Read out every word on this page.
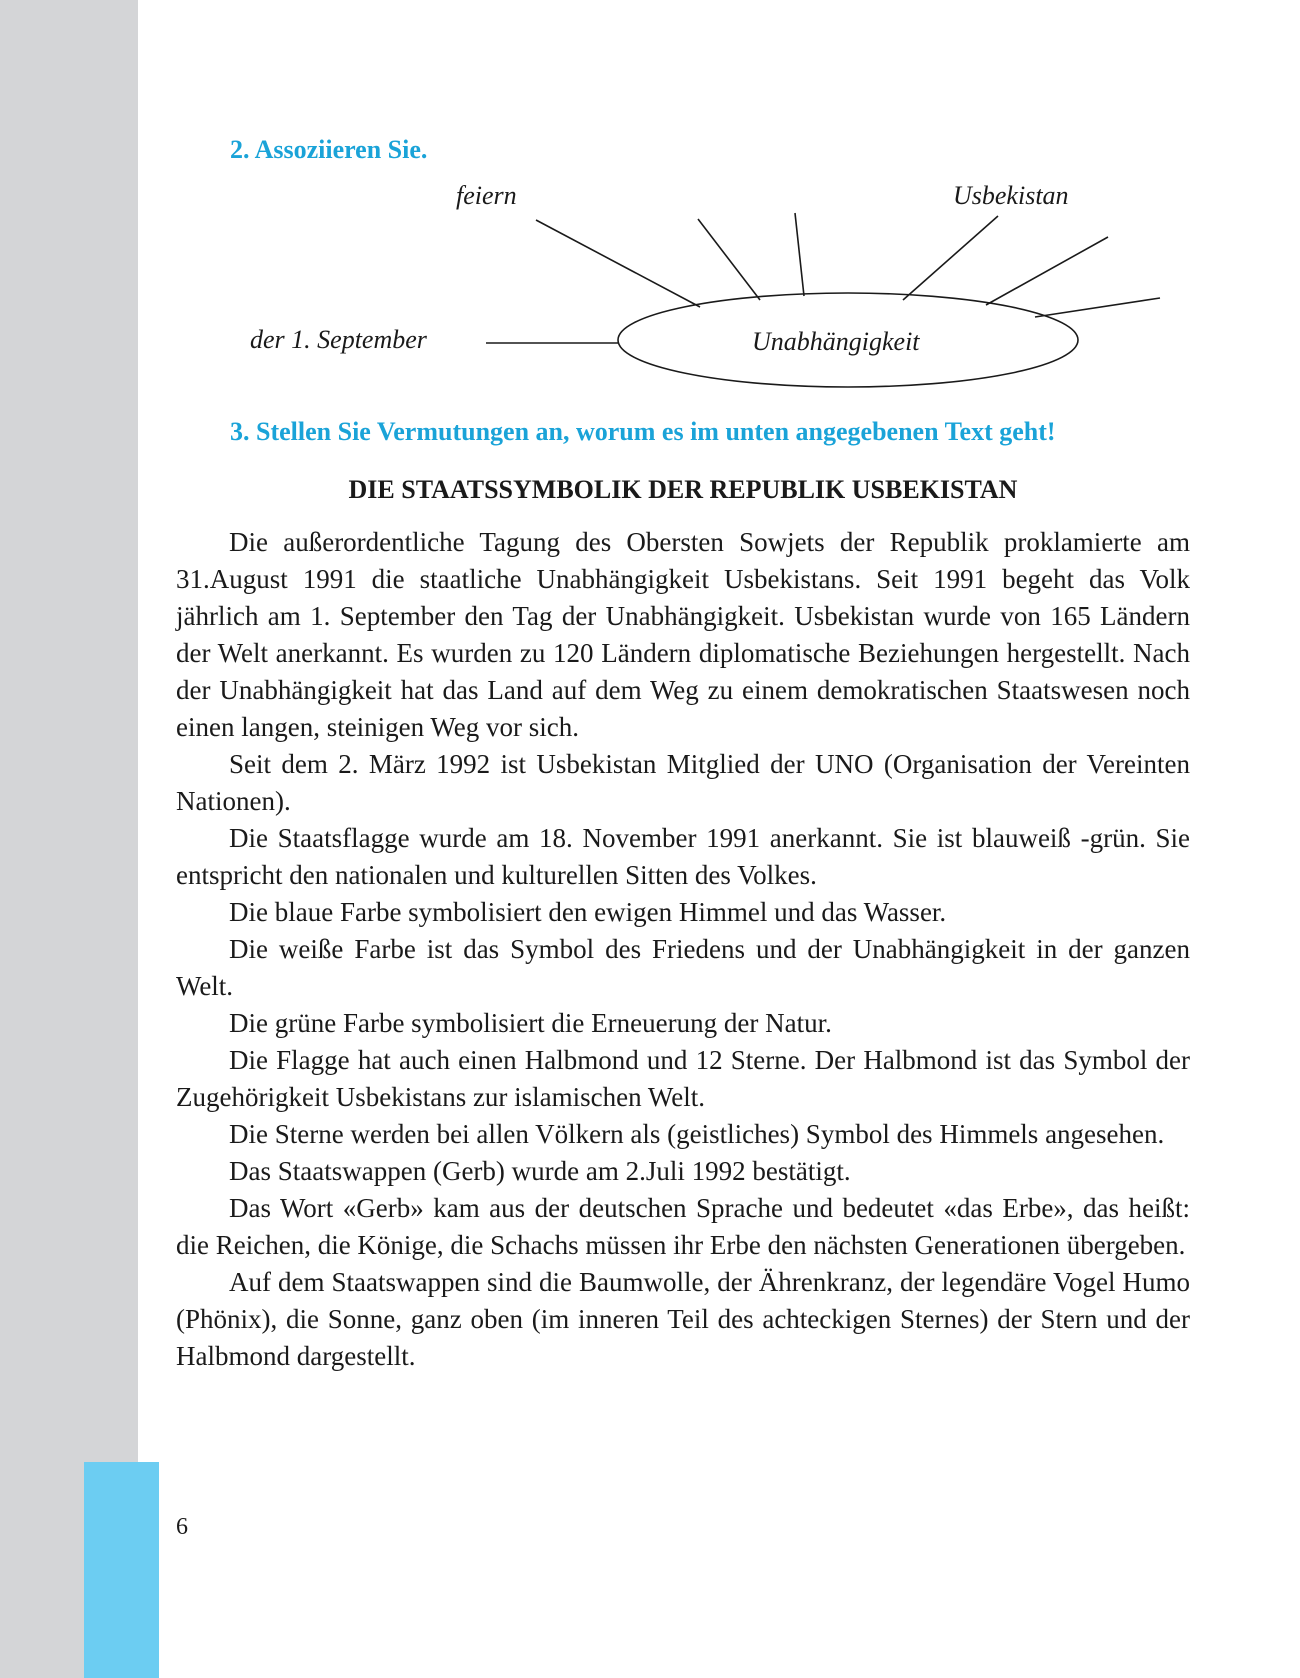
2. Assoziieren Sie.
feiern	Usbekistan
der 1. September	Unabhängigkeit
3. Stellen Sie Vermutungen an, worum es im unten angegebenen Text geht!
DIE STAATSSYMBOLIK DER REPUBLIK USBEKISTAN

Die außerordentliche Tagung des Obersten Sowjets der Republik proklamierte am 31.August 1991 die staatliche Unabhängigkeit Usbekistans. Seit 1991 begeht das Volk jährlich am 1. September den Tag der Unabhängigkeit. Usbekistan wurde von 165 Ländern der Welt anerkannt. Es wurden zu 120 Ländern diplomatische Beziehungen hergestellt. Nach der Unabhängigkeit hat das Land auf dem Weg zu einem demokratischen Staatswesen noch einen langen, steinigen Weg vor sich.

Seit dem 2. März 1992 ist Usbekistan Mitglied der UNO (Organisation der Vereinten Nationen).

Die Staatsflagge wurde am 18. November 1991 anerkannt. Sie ist blauweiß -grün. Sie entspricht den nationalen und kulturellen Sitten des Volkes.

Die blaue Farbe symbolisiert den ewigen Himmel und das Wasser.

Die weiße Farbe ist das Symbol des Friedens und der Unabhängigkeit in der ganzen Welt.

Die grüne Farbe symbolisiert die Erneuerung der Natur.

Die Flagge hat auch einen Halbmond und 12 Sterne. Der Halbmond ist das Symbol der Zugehörigkeit Usbekistans zur islamischen Welt.

Die Sterne werden bei allen Völkern als (geistliches) Symbol des Himmels angesehen.

Das Staatswappen (Gerb) wurde am 2.Juli 1992 bestätigt.

Das Wort «Gerb» kam aus der deutschen Sprache und bedeutet «das Erbe», das heißt: die Reichen, die Könige, die Schachs müssen ihr Erbe den nächsten Generationen übergeben.

Auf dem Staatswappen sind die Baumwolle, der Ährenkranz, der legendäre Vogel Humo (Phönix), die Sonne, ganz oben (im inneren Teil des achteckigen Sternes) der Stern und der Halbmond dargestellt.

6
